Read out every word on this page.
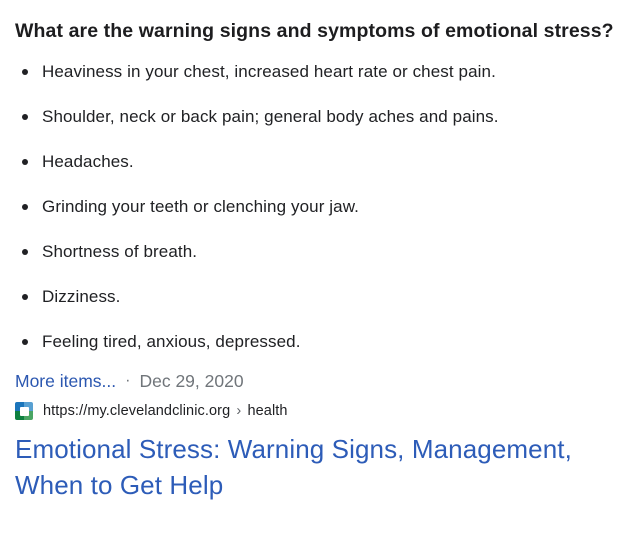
What are the warning signs and symptoms of emotional stress?
Heaviness in your chest, increased heart rate or chest pain.
Shoulder, neck or back pain; general body aches and pains.
Headaches.
Grinding your teeth or clenching your jaw.
Shortness of breath.
Dizziness.
Feeling tired, anxious, depressed.
More items... · Dec 29, 2020
https://my.clevelandclinic.org › health
Emotional Stress: Warning Signs, Management, When to Get Help
